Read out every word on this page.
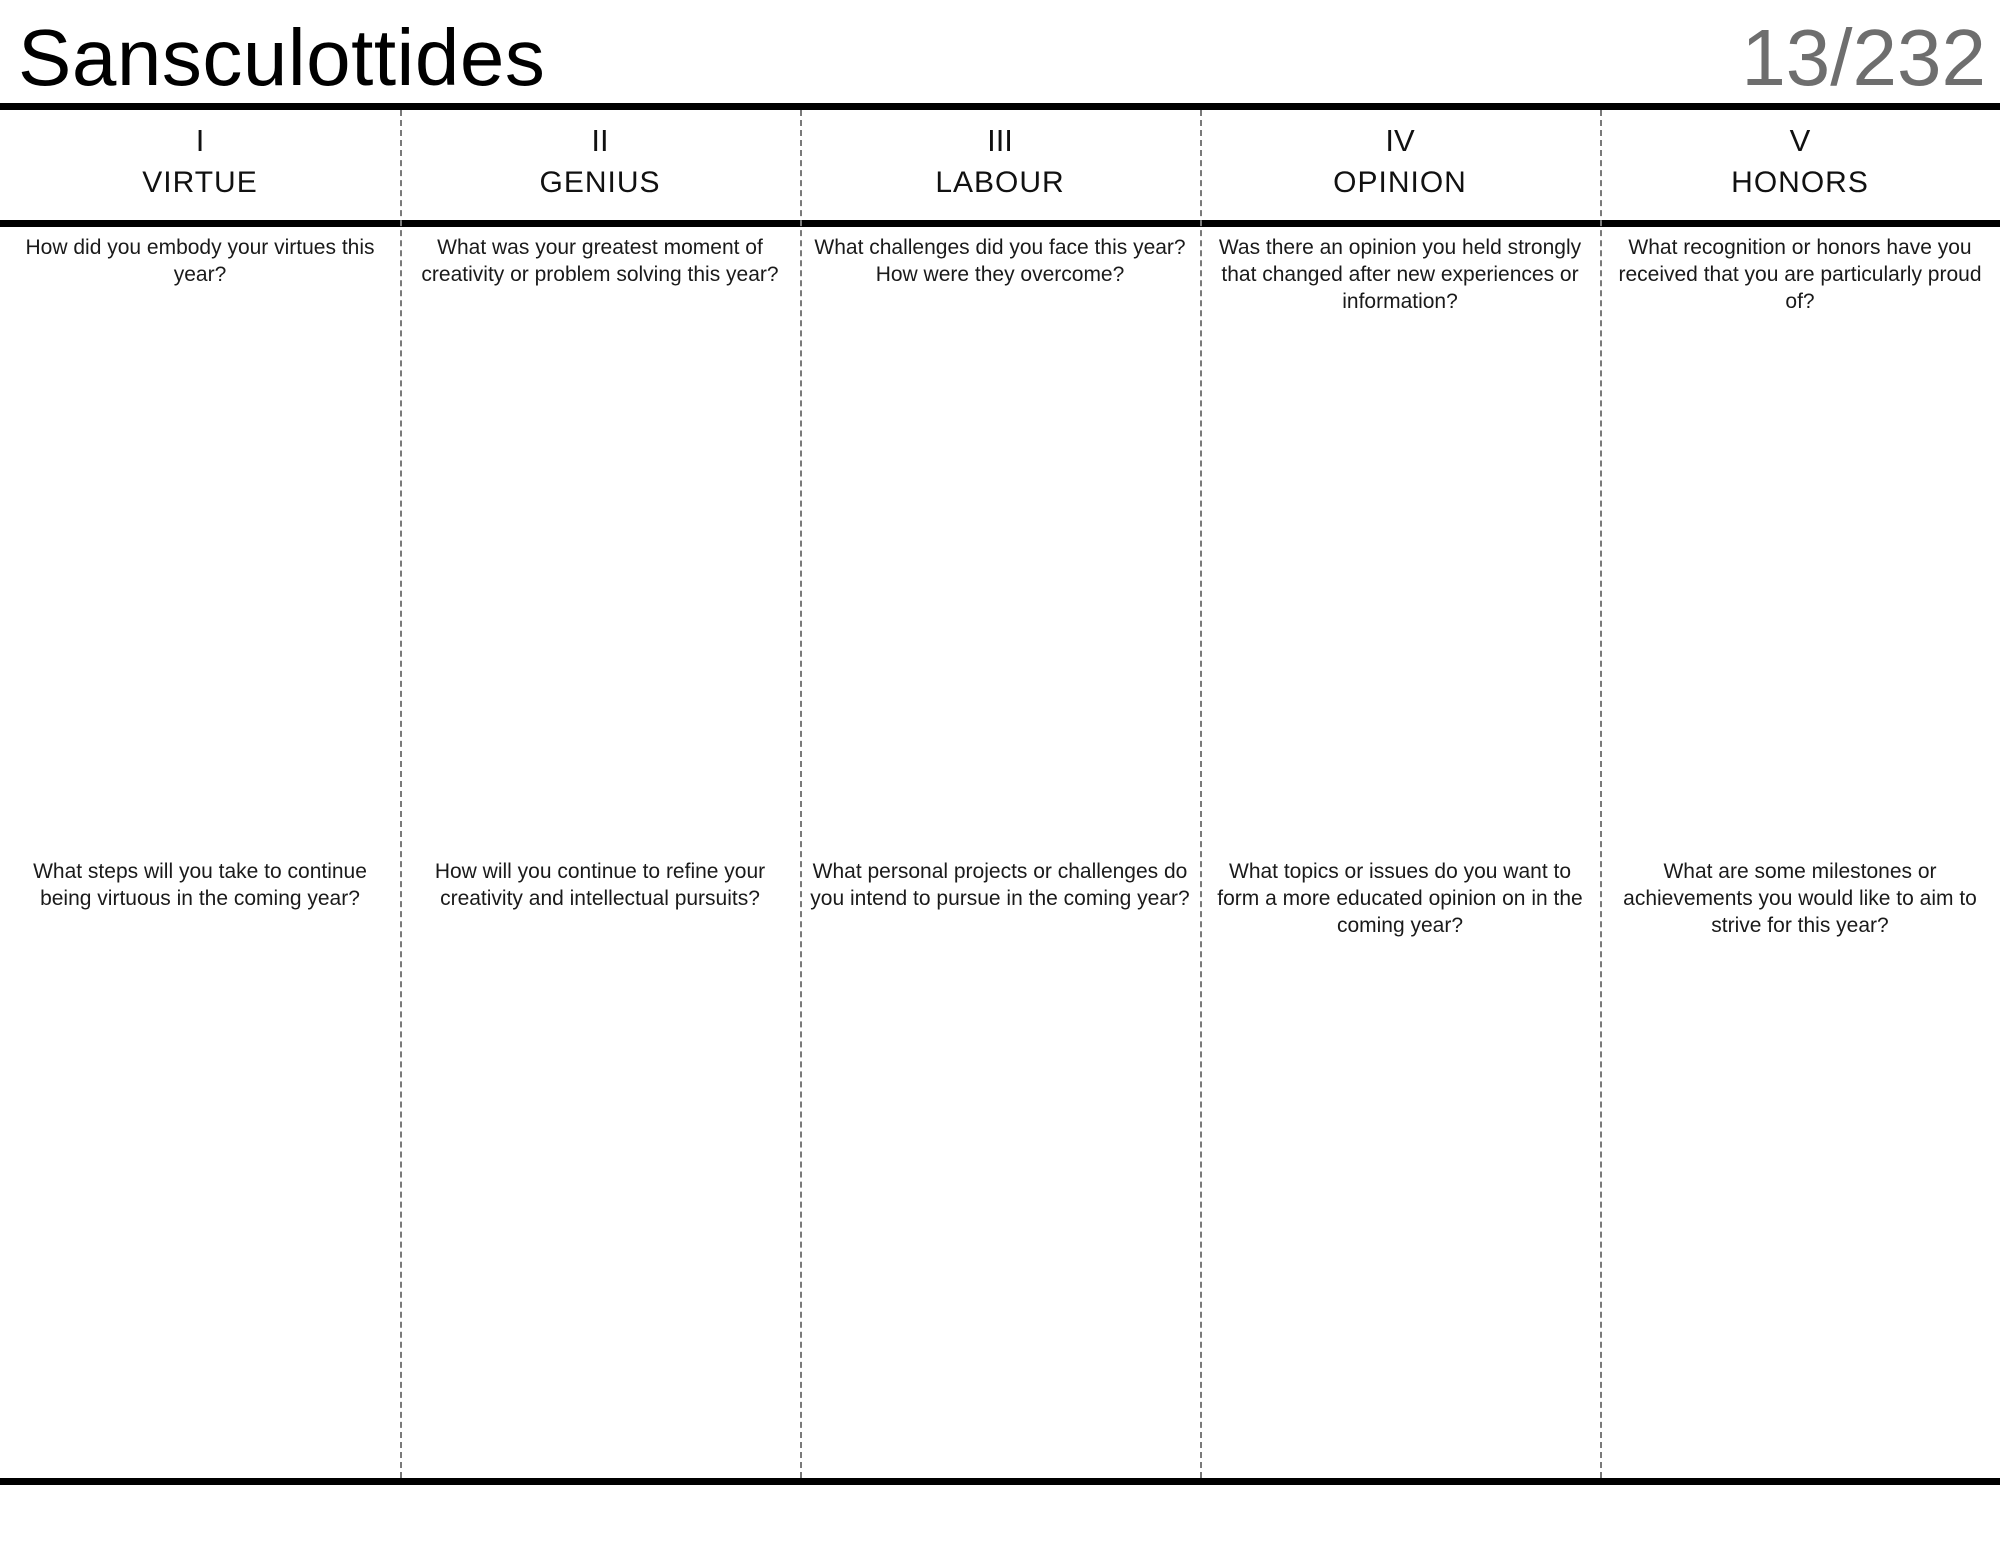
Sansculottides	13/232
I
VIRTUE
How did you embody your virtues this year?
What steps will you take to continue being virtuous in the coming year?
II
GENIUS
What was your greatest moment of creativity or problem solving this year?
How will you continue to refine your creativity and intellectual pursuits?
III
LABOUR
What challenges did you face this year? How were they overcome?
What personal projects or challenges do you intend to pursue in the coming year?
IV
OPINION
Was there an opinion you held strongly that changed after new experiences or information?
What topics or issues do you want to form a more educated opinion on in the coming year?
V
HONORS
What recognition or honors have you received that you are particularly proud of?
What are some milestones or achievements you would like to aim to strive for this year?
